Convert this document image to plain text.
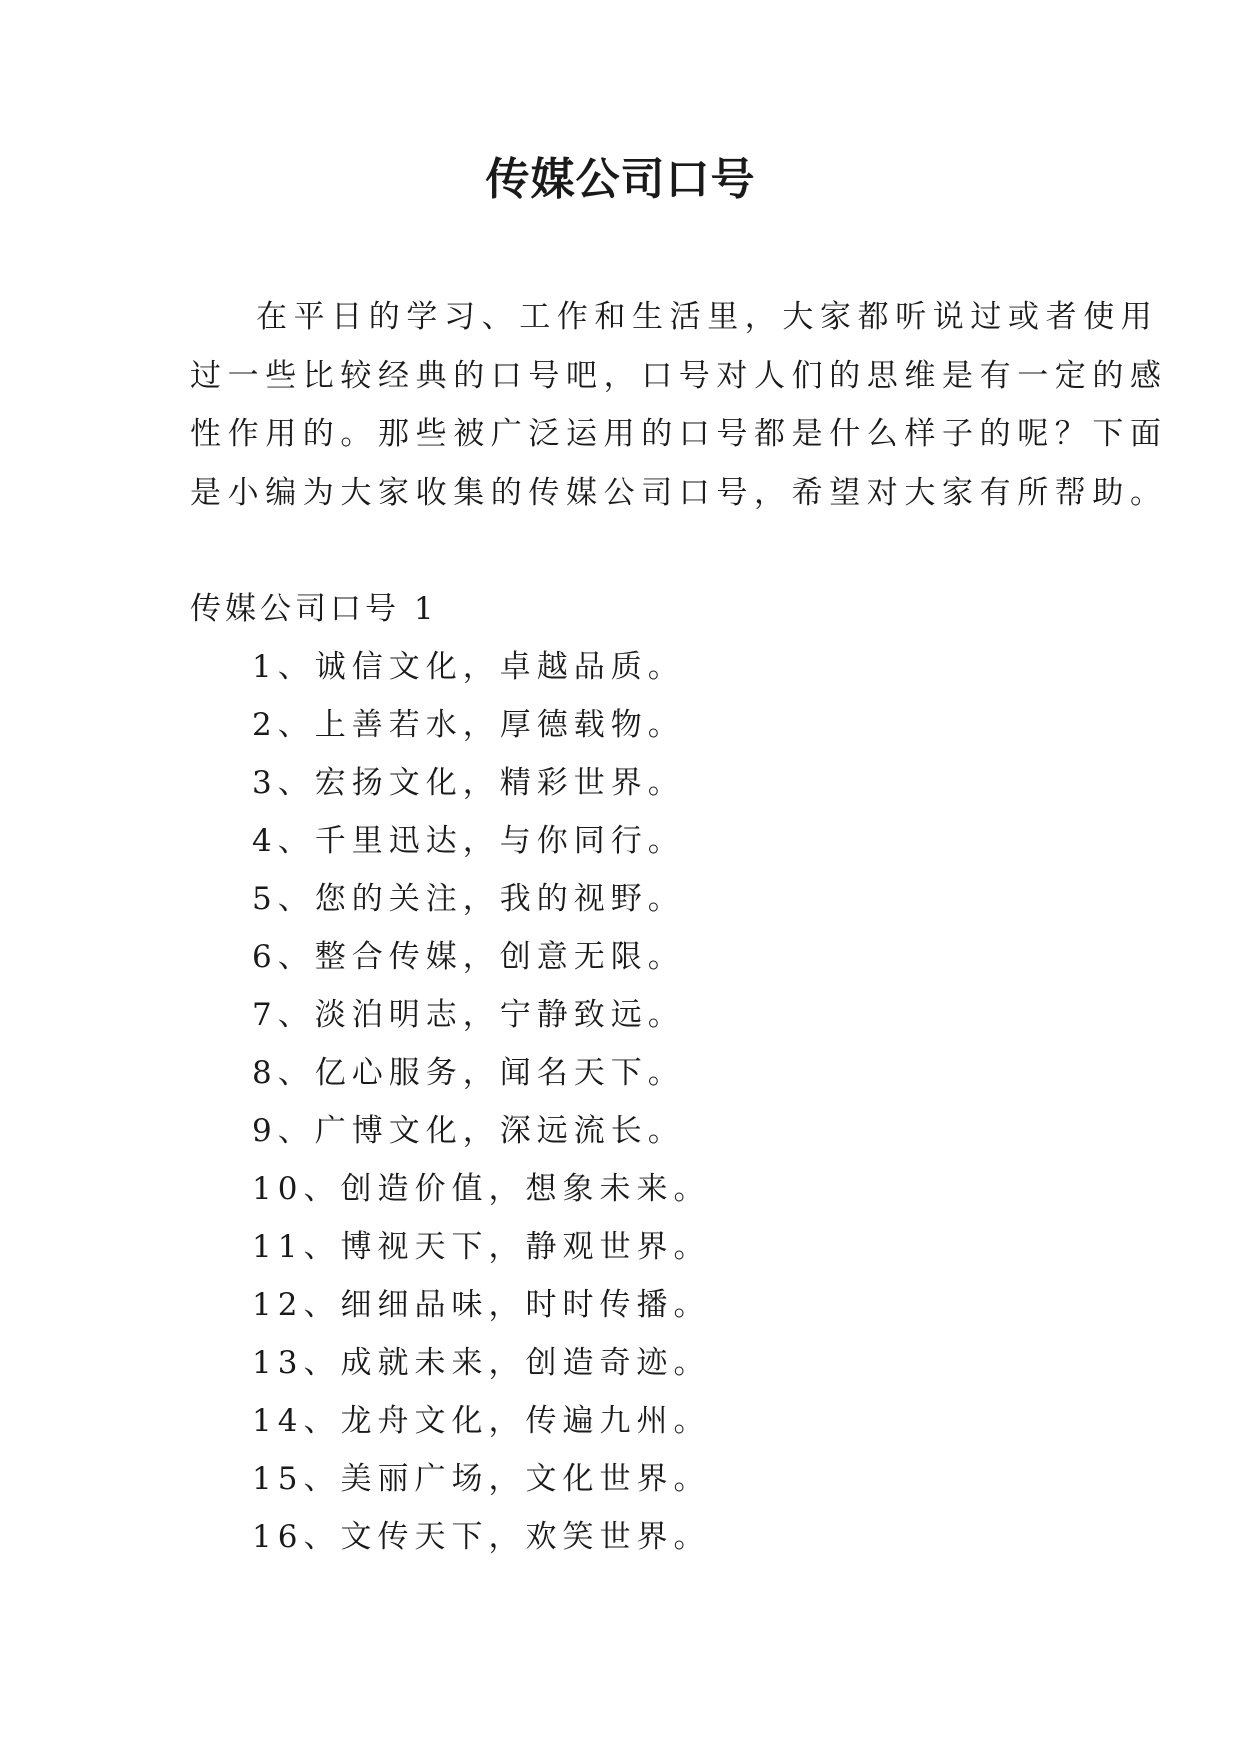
传媒公司口号
在平日的学习、工作和生活里，大家都听说过或者使用
过一些比较经典的口号吧，口号对人们的思维是有一定的感
性作用的。那些被广泛运用的口号都是什么样子的呢？下面
是小编为大家收集的传媒公司口号，希望对大家有所帮助。
传媒公司口号 1
1、诚信文化，卓越品质。
2、上善若水，厚德载物。
3、宏扬文化，精彩世界。
4、千里迅达，与你同行。
5、您的关注，我的视野。
6、整合传媒，创意无限。
7、淡泊明志，宁静致远。
8、亿心服务，闻名天下。
9、广博文化，深远流长。
10、创造价值，想象未来。
11、博视天下，静观世界。
12、细细品味，时时传播。
13、成就未来，创造奇迹。
14、龙舟文化，传遍九州。
15、美丽广场，文化世界。
16、文传天下，欢笑世界。
